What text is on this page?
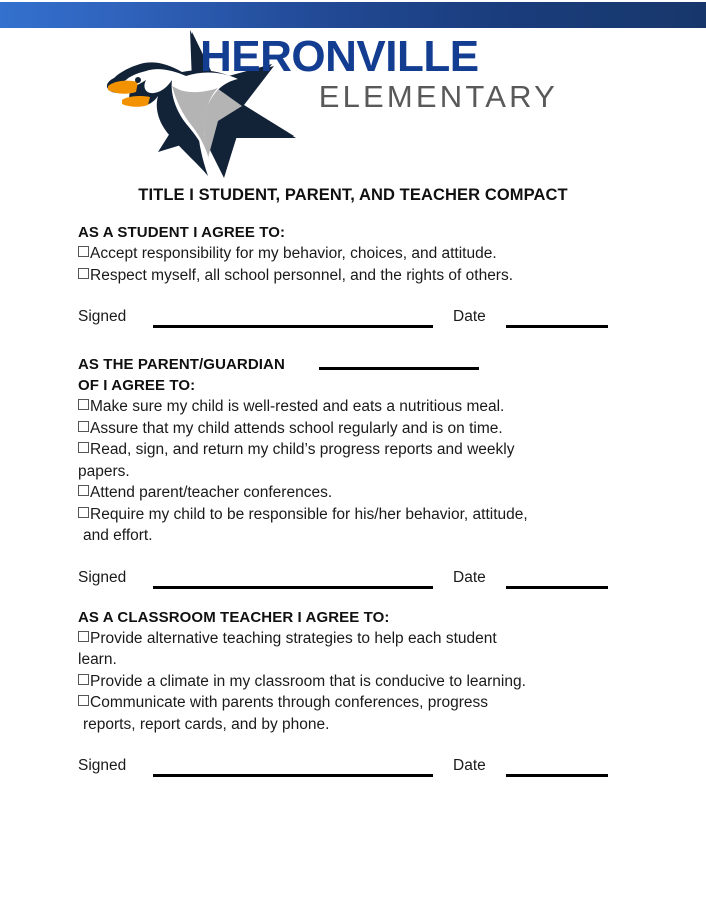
HERONVILLE
ELEMENTARY
TITLE I STUDENT, PARENT, AND TEACHER COMPACT
AS A STUDENT I AGREE TO:
Accept responsibility for my behavior, choices, and attitude.
Respect myself, all school personnel, and the rights of others.
Signed	Date
AS THE PARENT/GUARDIAN
OF I AGREE TO:
Make sure my child is well-rested and eats a nutritious meal.
Assure that my child attends school regularly and is on time.
Read, sign, and return my child’s progress reports and weekly
papers.
Attend parent/teacher conferences.
Require my child to be responsible for his/her behavior, attitude,
and effort.
Signed	Date
AS A CLASSROOM TEACHER I AGREE TO:
Provide alternative teaching strategies to help each student
learn.
Provide a climate in my classroom that is conducive to learning.
Communicate with parents through conferences, progress
reports, report cards, and by phone.
Signed	Date
